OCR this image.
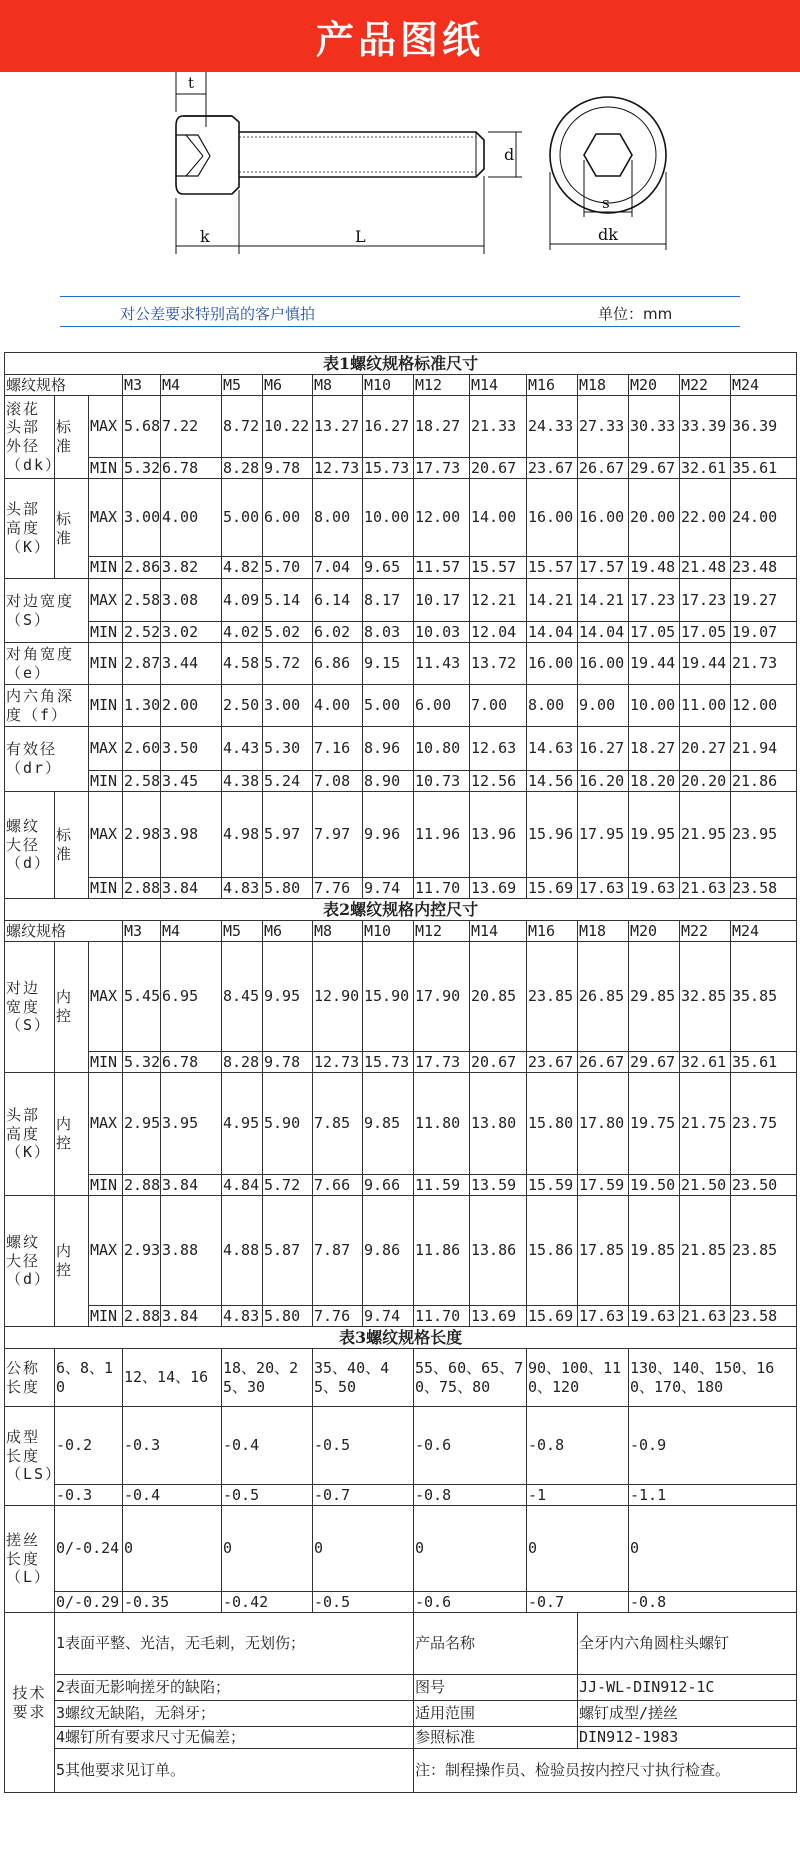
产品图纸
t
k	L
d
s
dk
对公差要求特别高的客户慎拍	单位：mm
表1螺纹规格标准尺寸															
螺纹规格			M3	M4	M5	M6	M8	M10	M12	M14	M16	M18	M20	M22	M24
滚花头部外径（dk）	标准	MAX	5.68	7.22	8.72	10.22	13.27	16.27	18.27	21.33	24.33	27.33	30.33	33.39	36.39
		MIN	5.32	6.78	8.28	9.78	12.73	15.73	17.73	20.67	23.67	26.67	29.67	32.61	35.61
头部高度（K）	标准	MAX	3.00	4.00	5.00	6.00	8.00	10.00	12.00	14.00	16.00	16.00	20.00	22.00	24.00
		MIN	2.86	3.82	4.82	5.70	7.04	9.65	11.57	15.57	15.57	17.57	19.48	21.48	23.48
对边宽度（S）		MAX	2.58	3.08	4.09	5.14	6.14	8.17	10.17	12.21	14.21	14.21	17.23	17.23	19.27
		MIN	2.52	3.02	4.02	5.02	6.02	8.03	10.03	12.04	14.04	14.04	17.05	17.05	19.07
对角宽度（e）		MIN	2.87	3.44	4.58	5.72	6.86	9.15	11.43	13.72	16.00	16.00	19.44	19.44	21.73
内六角深度（f）		MIN	1.30	2.00	2.50	3.00	4.00	5.00	6.00	7.00	8.00	9.00	10.00	11.00	12.00
有效径（dr）		MAX	2.60	3.50	4.43	5.30	7.16	8.96	10.80	12.63	14.63	16.27	18.27	20.27	21.94
		MIN	2.58	3.45	4.38	5.24	7.08	8.90	10.73	12.56	14.56	16.20	18.20	20.20	21.86
螺纹大径（d）	标准	MAX	2.98	3.98	4.98	5.97	7.97	9.96	11.96	13.96	15.96	17.95	19.95	21.95	23.95
		MIN	2.88	3.84	4.83	5.80	7.76	9.74	11.70	13.69	15.69	17.63	19.63	21.63	23.58
表2螺纹规格内控尺寸															
螺纹规格			M3	M4	M5	M6	M8	M10	M12	M14	M16	M18	M20	M22	M24
对边宽度（S）	内控	MAX	5.45	6.95	8.45	9.95	12.90	15.90	17.90	20.85	23.85	26.85	29.85	32.85	35.85
		MIN	5.32	6.78	8.28	9.78	12.73	15.73	17.73	20.67	23.67	26.67	29.67	32.61	35.61
头部高度（K）	内控	MAX	2.95	3.95	4.95	5.90	7.85	9.85	11.80	13.80	15.80	17.80	19.75	21.75	23.75
		MIN	2.88	3.84	4.84	5.72	7.66	9.66	11.59	13.59	15.59	17.59	19.50	21.50	23.50
螺纹大径（d）	内控	MAX	2.93	3.88	4.88	5.87	7.87	9.86	11.86	13.86	15.86	17.85	19.85	21.85	23.85
		MIN	2.88	3.84	4.83	5.80	7.76	9.74	11.70	13.69	15.69	17.63	19.63	21.63	23.58
表3螺纹规格长度															
公称长度	6、8、10		12、14、16		18、20、25、30		35、40、45、50		55、60、65、70、75、80		90、100、110、120		130、140、150、160、170、180		
成型长度（LS）	-0.2		-0.3		-0.4		-0.5		-0.6		-0.8		-0.9		
	-0.3		-0.4		-0.5		-0.7		-0.8		-1		-1.1		
搓丝长度（L）	0/-0.24		0		0		0		0		0		0		
	0/-0.29		-0.35		-0.42		-0.5		-0.6		-0.7		-0.8		
技术要求	1表面平整、光洁，无毛刺，无划伤；								产品名称			全牙内六角圆柱头螺钉			
	2表面无影响搓牙的缺陷；								图号			JJ-WL-DIN912-1C			
	3螺纹无缺陷，无斜牙；								适用范围			螺钉成型/搓丝			
	4螺钉所有要求尺寸无偏差；								参照标准			DIN912-1983			
	5其他要求见订单。								注：制程操作员、检验员按内控尺寸执行检查。						
